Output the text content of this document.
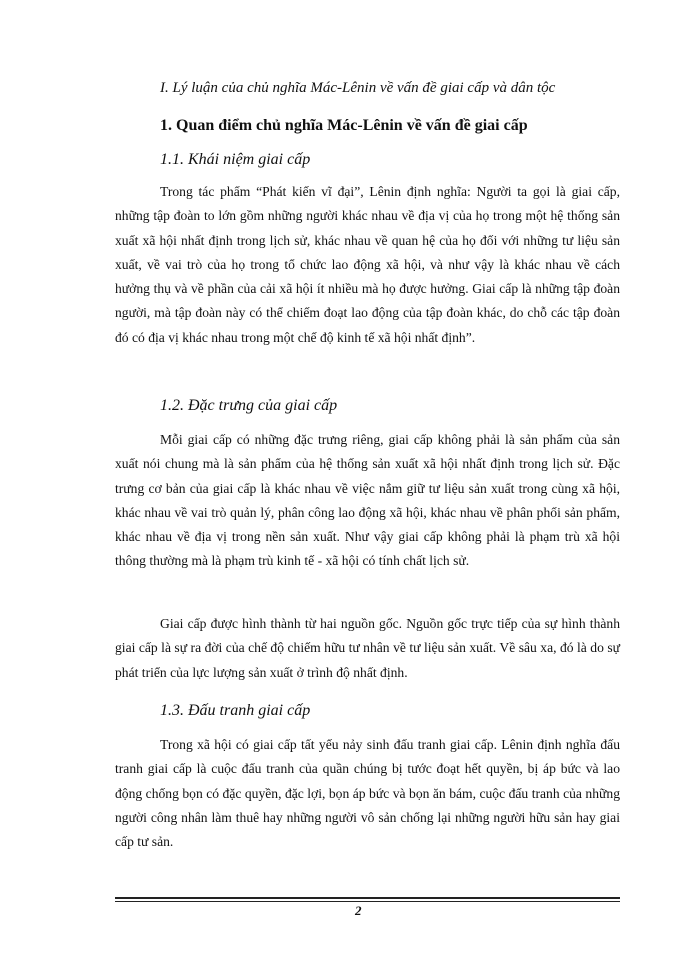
I. Lý luận của chủ nghĩa Mác-Lênin về vấn đề giai cấp và dân tộc
1. Quan điểm chủ nghĩa Mác-Lênin về vấn đề giai cấp
1.1. Khái niệm giai cấp

Trong tác phẩm “Phát kiến vĩ đại”, Lênin định nghĩa: Người ta gọi là giai cấp, những tập đoàn to lớn gồm những người khác nhau về địa vị của họ trong một hệ thống sản xuất xã hội nhất định trong lịch sử, khác nhau về quan hệ của họ đối với những tư liệu sản xuất, về vai trò của họ trong tổ chức lao động xã hội, và như vậy là khác nhau về cách hưởng thụ và về phần của cải xã hội ít nhiều mà họ được hưởng. Giai cấp là những tập đoàn người, mà tập đoàn này có thể chiếm đoạt lao động của tập đoàn khác, do chỗ các tập đoàn đó có địa vị khác nhau trong một chế độ kinh tế xã hội nhất định”.

1.2. Đặc trưng của giai cấp

Mỗi giai cấp có những đặc trưng riêng, giai cấp không phải là sản phẩm của sản xuất nói chung mà là sản phẩm của hệ thống sản xuất xã hội nhất định trong lịch sử. Đặc trưng cơ bản của giai cấp là khác nhau về việc nắm giữ tư liệu sản xuất trong cùng xã hội, khác nhau về vai trò quản lý, phân công lao động xã hội, khác nhau về phân phối sản phẩm, khác nhau về địa vị trong nền sản xuất. Như vậy giai cấp không phải là phạm trù xã hội thông thường mà là phạm trù kinh tế - xã hội có tính chất lịch sử.

Giai cấp được hình thành từ hai nguồn gốc. Nguồn gốc trực tiếp của sự hình thành giai cấp là sự ra đời của chế độ chiếm hữu tư nhân về tư liệu sản xuất. Về sâu xa, đó là do sự phát triển của lực lượng sản xuất ở trình độ nhất định.

1.3. Đấu tranh giai cấp

Trong xã hội có giai cấp tất yếu nảy sinh đấu tranh giai cấp. Lênin định nghĩa đấu tranh giai cấp là cuộc đấu tranh của quần chúng bị tước đoạt hết quyền, bị áp bức và lao động chống bọn có đặc quyền, đặc lợi, bọn áp bức và bọn ăn bám, cuộc đấu tranh của những người công nhân làm thuê hay những người vô sản chống lại những người hữu sản hay giai cấp tư sản.

2
